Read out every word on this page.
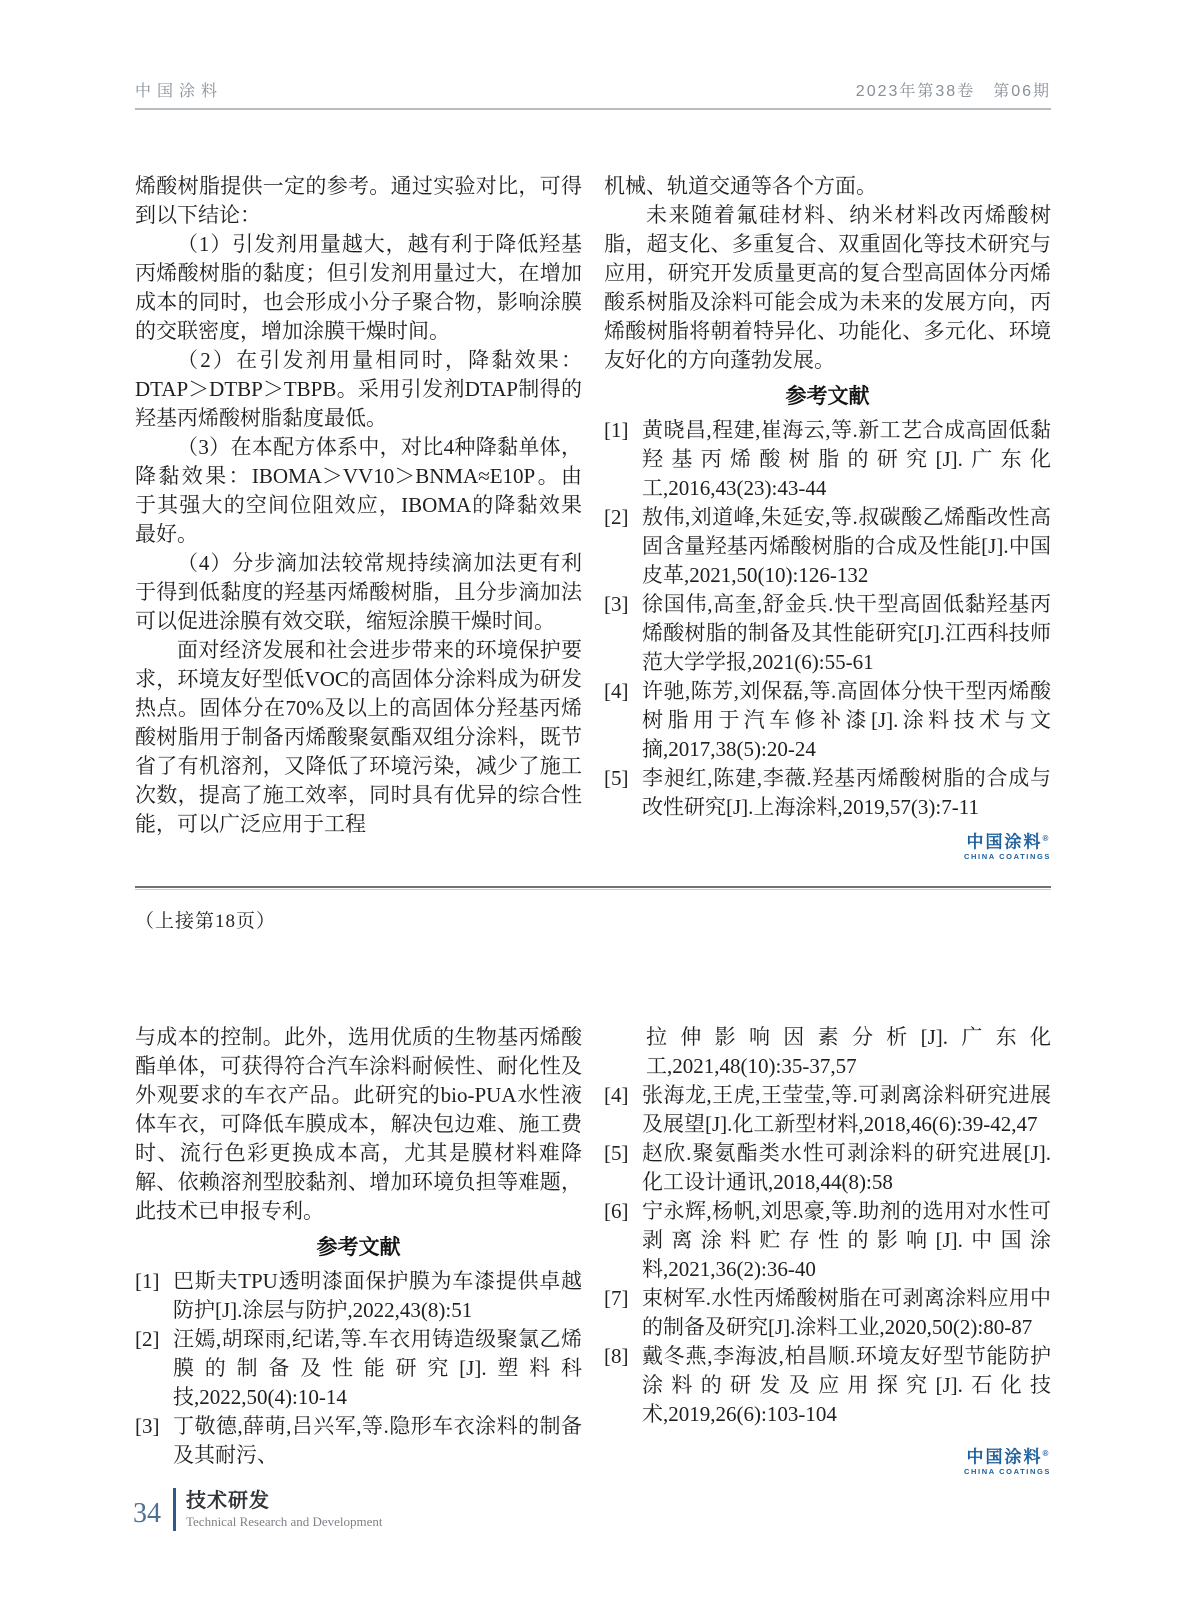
中国涂料	2023年第38卷　第06期

烯酸树脂提供一定的参考。通过实验对比，可得到以下结论：

（1）引发剂用量越大，越有利于降低羟基丙烯酸树脂的黏度；但引发剂用量过大，在增加成本的同时，也会形成小分子聚合物，影响涂膜的交联密度，增加涂膜干燥时间。

（2）在引发剂用量相同时，降黏效果：DTAP＞DTBP＞TBPB。采用引发剂DTAP制得的羟基丙烯酸树脂黏度最低。

（3）在本配方体系中，对比4种降黏单体，降黏效果：IBOMA＞VV10＞BNMA≈E10P。由于其强大的空间位阻效应，IBOMA的降黏效果最好。

（4）分步滴加法较常规持续滴加法更有利于得到低黏度的羟基丙烯酸树脂，且分步滴加法可以促进涂膜有效交联，缩短涂膜干燥时间。

面对经济发展和社会进步带来的环境保护要求，环境友好型低VOC的高固体分涂料成为研发热点。固体分在70%及以上的高固体分羟基丙烯酸树脂用于制备丙烯酸聚氨酯双组分涂料，既节省了有机溶剂，又降低了环境污染，减少了施工次数，提高了施工效率，同时具有优异的综合性能，可以广泛应用于工程

机械、轨道交通等各个方面。

未来随着氟硅材料、纳米材料改丙烯酸树脂，超支化、多重复合、双重固化等技术研究与应用，研究开发质量更高的复合型高固体分丙烯酸系树脂及涂料可能会成为未来的发展方向，丙烯酸树脂将朝着特异化、功能化、多元化、环境友好化的方向蓬勃发展。

参考文献
[1] 黄晓昌,程建,崔海云,等.新工艺合成高固低黏羟基丙烯酸树脂的研究[J].广东化工,2016,43(23):43-44
[2] 敖伟,刘道峰,朱延安,等.叔碳酸乙烯酯改性高固含量羟基丙烯酸树脂的合成及性能[J].中国皮革,2021,50(10):126-132
[3] 徐国伟,高奎,舒金兵.快干型高固低黏羟基丙烯酸树脂的制备及其性能研究[J].江西科技师范大学学报,2021(6):55-61
[4] 许驰,陈芳,刘保磊,等.高固体分快干型丙烯酸树脂用于汽车修补漆[J].涂料技术与文摘,2017,38(5):20-24
[5] 李昶红,陈建,李薇.羟基丙烯酸树脂的合成与改性研究[J].上海涂料,2019,57(3):7-11
中国涂料®
CHINA COATINGS
（上接第18页）

与成本的控制。此外，选用优质的生物基丙烯酸酯单体，可获得符合汽车涂料耐候性、耐化性及外观要求的车衣产品。此研究的bio-PUA水性液体车衣，可降低车膜成本，解决包边难、施工费时、流行色彩更换成本高，尤其是膜材料难降解、依赖溶剂型胶黏剂、增加环境负担等难题，此技术已申报专利。

参考文献
[1] 巴斯夫TPU透明漆面保护膜为车漆提供卓越防护[J].涂层与防护,2022,43(8):51
[2] 汪嫣,胡琛雨,纪诺,等.车衣用铸造级聚氯乙烯膜的制备及性能研究[J].塑料科技,2022,50(4):10-14
[3] 丁敬德,薛萌,吕兴军,等.隐形车衣涂料的制备及其耐污、

拉伸影响因素分析[J].广东化工,2021,48(10):35-37,57

[4] 张海龙,王虎,王莹莹,等.可剥离涂料研究进展及展望[J].化工新型材料,2018,46(6):39-42,47
[5] 赵欣.聚氨酯类水性可剥涂料的研究进展[J].化工设计通讯,2018,44(8):58
[6] 宁永辉,杨帆,刘思豪,等.助剂的选用对水性可剥离涂料贮存性的影响[J].中国涂料,2021,36(2):36-40
[7] 束树军.水性丙烯酸树脂在可剥离涂料应用中的制备及研究[J].涂料工业,2020,50(2):80-87
[8] 戴冬燕,李海波,柏昌顺.环境友好型节能防护涂料的研发及应用探究[J].石化技术,2019,26(6):103-104
中国涂料®
CHINA COATINGS
34 技术研发
Technical Research and Development
